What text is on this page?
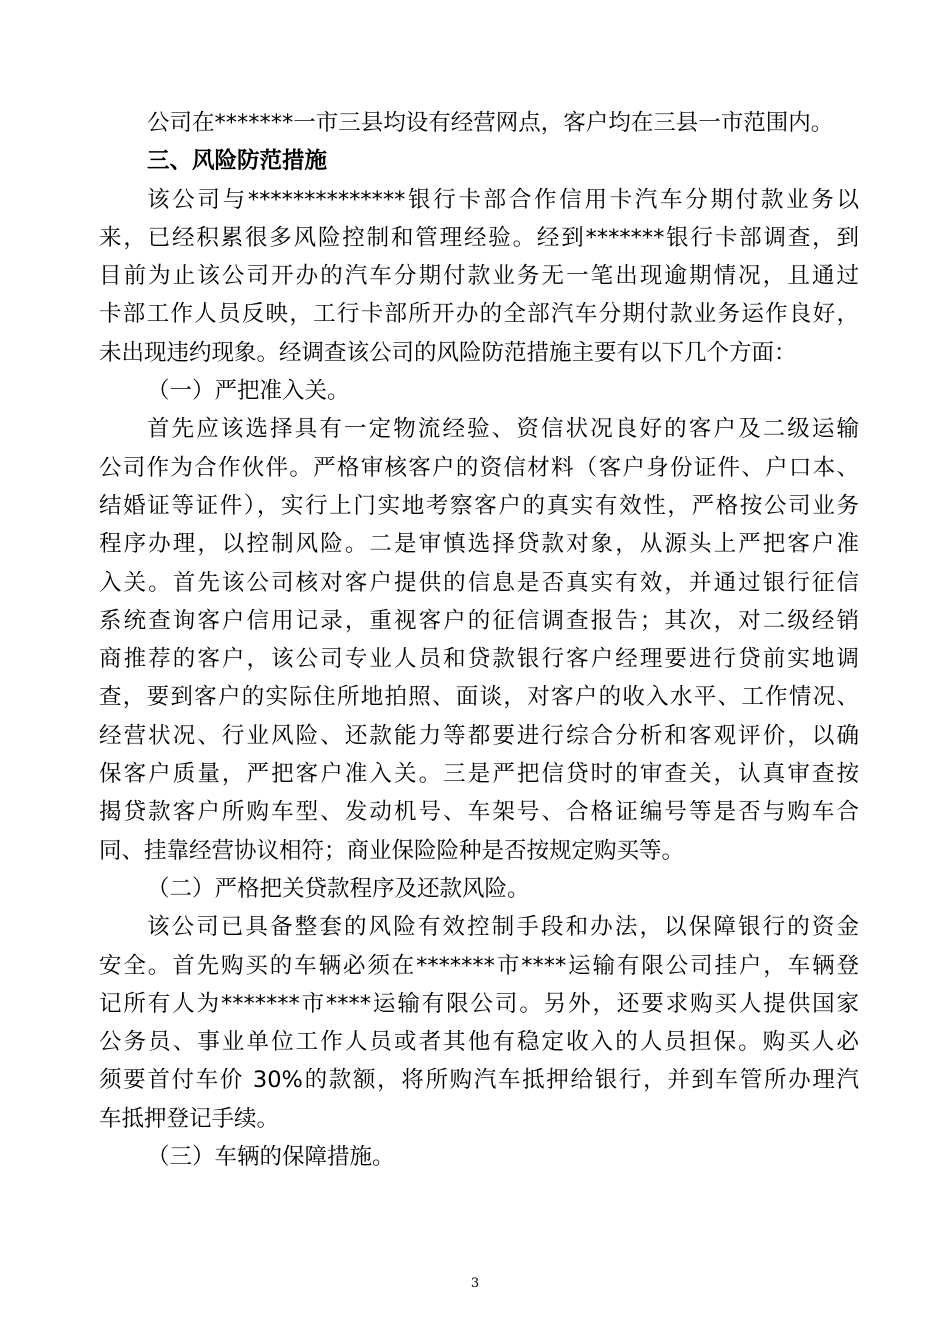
公司在*******一市三县均设有经营网点，客户均在三县一市范围内。
三、风险防范措施
该公司与**************银行卡部合作信用卡汽车分期付款业务以
来，已经积累很多风险控制和管理经验。经到*******银行卡部调查，到
目前为止该公司开办的汽车分期付款业务无一笔出现逾期情况，且通过
卡部工作人员反映，工行卡部所开办的全部汽车分期付款业务运作良好，
未出现违约现象。经调查该公司的风险防范措施主要有以下几个方面：
（一）严把准入关。
首先应该选择具有一定物流经验、资信状况良好的客户及二级运输
公司作为合作伙伴。严格审核客户的资信材料（客户身份证件、户口本、
结婚证等证件），实行上门实地考察客户的真实有效性，严格按公司业务
程序办理，以控制风险。二是审慎选择贷款对象，从源头上严把客户准
入关。首先该公司核对客户提供的信息是否真实有效，并通过银行征信
系统查询客户信用记录，重视客户的征信调查报告；其次，对二级经销
商推荐的客户，该公司专业人员和贷款银行客户经理要进行贷前实地调
查，要到客户的实际住所地拍照、面谈，对客户的收入水平、工作情况、
经营状况、行业风险、还款能力等都要进行综合分析和客观评价，以确
保客户质量，严把客户准入关。三是严把信贷时的审查关，认真审查按
揭贷款客户所购车型、发动机号、车架号、合格证编号等是否与购车合
同、挂靠经营协议相符；商业保险险种是否按规定购买等。
（二）严格把关贷款程序及还款风险。
该公司已具备整套的风险有效控制手段和办法，以保障银行的资金
安全。首先购买的车辆必须在*******市****运输有限公司挂户，车辆登
记所有人为*******市****运输有限公司。另外，还要求购买人提供国家
公务员、事业单位工作人员或者其他有稳定收入的人员担保。购买人必
须要首付车价 30%的款额，将所购汽车抵押给银行，并到车管所办理汽
车抵押登记手续。
（三）车辆的保障措施。
3
